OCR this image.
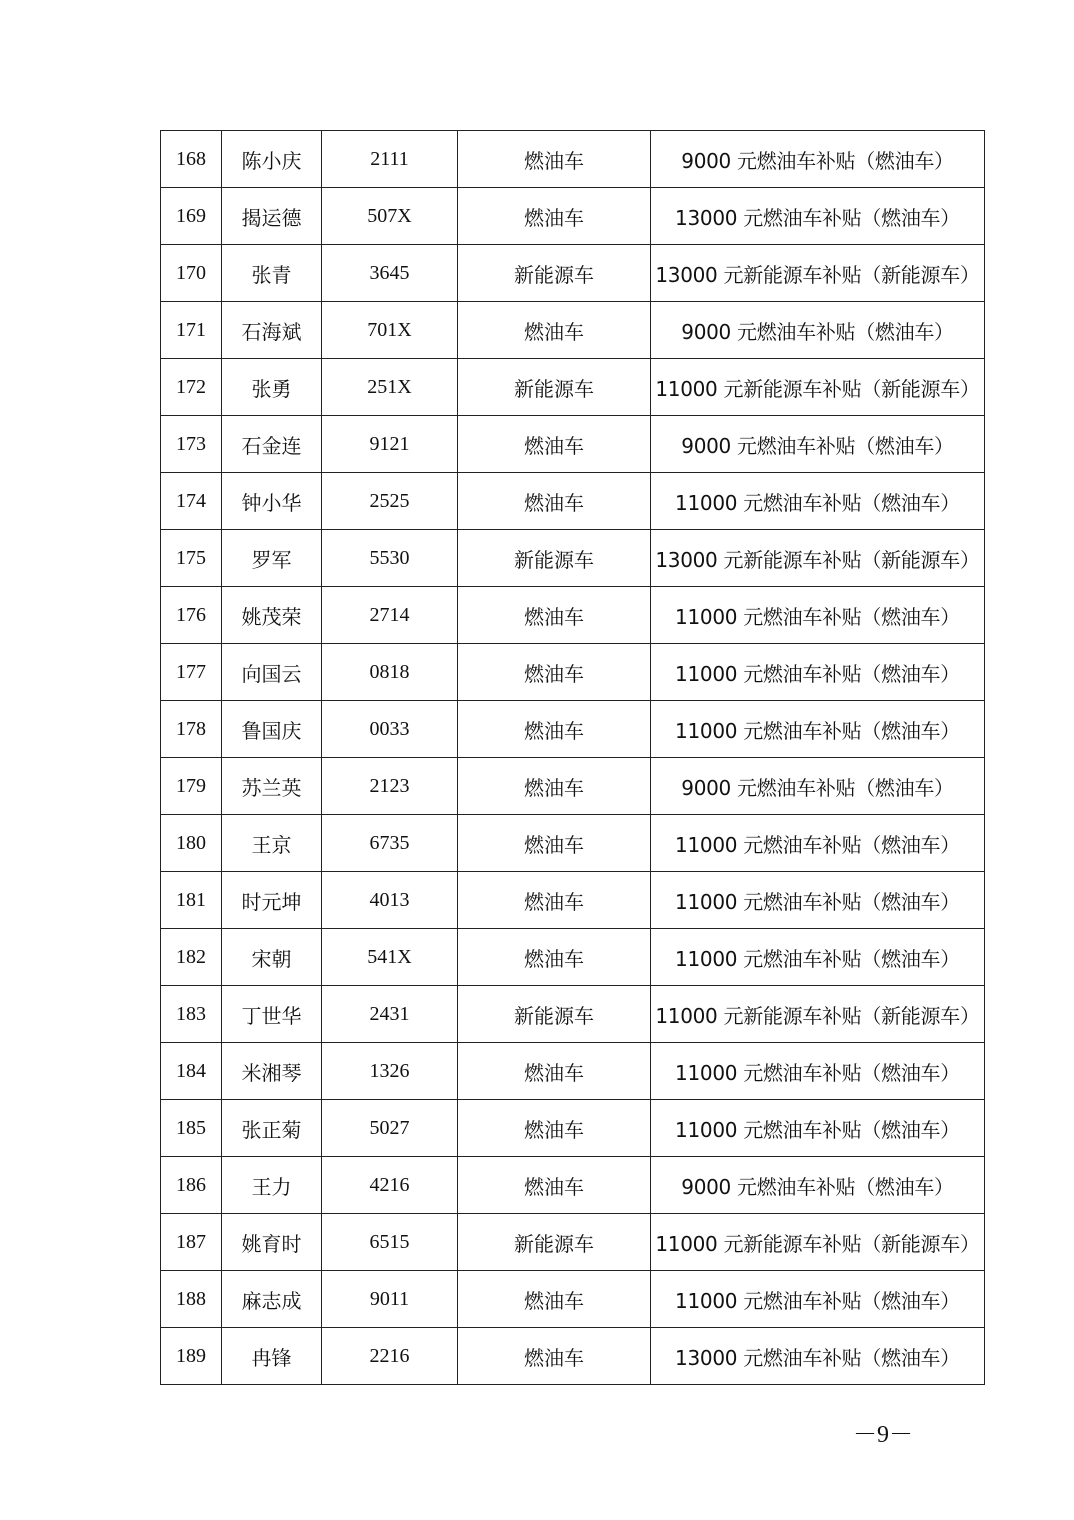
168	陈小庆	2111	燃油车	9000 元燃油车补贴（燃油车）
169	揭运德	507X	燃油车	13000 元燃油车补贴（燃油车）
170	张青	3645	新能源车	13000 元新能源车补贴（新能源车）
171	石海斌	701X	燃油车	9000 元燃油车补贴（燃油车）
172	张勇	251X	新能源车	11000 元新能源车补贴（新能源车）
173	石金连	9121	燃油车	9000 元燃油车补贴（燃油车）
174	钟小华	2525	燃油车	11000 元燃油车补贴（燃油车）
175	罗军	5530	新能源车	13000 元新能源车补贴（新能源车）
176	姚茂荣	2714	燃油车	11000 元燃油车补贴（燃油车）
177	向国云	0818	燃油车	11000 元燃油车补贴（燃油车）
178	鲁国庆	0033	燃油车	11000 元燃油车补贴（燃油车）
179	苏兰英	2123	燃油车	9000 元燃油车补贴（燃油车）
180	王京	6735	燃油车	11000 元燃油车补贴（燃油车）
181	时元坤	4013	燃油车	11000 元燃油车补贴（燃油车）
182	宋朝	541X	燃油车	11000 元燃油车补贴（燃油车）
183	丁世华	2431	新能源车	11000 元新能源车补贴（新能源车）
184	米湘琴	1326	燃油车	11000 元燃油车补贴（燃油车）
185	张正菊	5027	燃油车	11000 元燃油车补贴（燃油车）
186	王力	4216	燃油车	9000 元燃油车补贴（燃油车）
187	姚育时	6515	新能源车	11000 元新能源车补贴（新能源车）
188	麻志成	9011	燃油车	11000 元燃油车补贴（燃油车）
189	冉锋	2216	燃油车	13000 元燃油车补贴（燃油车）
－9－
